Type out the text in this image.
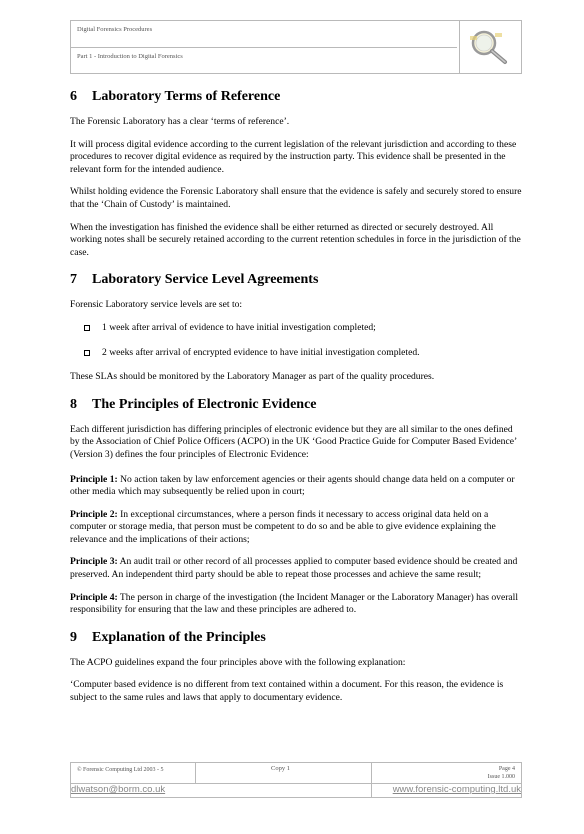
Digital Forensics Procedures
Part 1 - Introduction to Digital Forensics
6 Laboratory Terms of Reference

The Forensic Laboratory has a clear ‘terms of reference’.

It will process digital evidence according to the current legislation of the relevant jurisdiction and according to these procedures to recover digital evidence as required by the instruction party. This evidence shall be presented in the relevant form for the intended audience.

Whilst holding evidence the Forensic Laboratory shall ensure that the evidence is safely and securely stored to ensure that the ‘Chain of Custody’ is maintained.

When the investigation has finished the evidence shall be either returned as directed or securely destroyed. All working notes shall be securely retained according to the current retention schedules in force in the jurisdiction of the case.

7 Laboratory Service Level Agreements

Forensic Laboratory service levels are set to:

1 week after arrival of evidence to have initial investigation completed;
2 weeks after arrival of encrypted evidence to have initial investigation completed.

These SLAs should be monitored by the Laboratory Manager as part of the quality procedures.

8 The Principles of Electronic Evidence

Each different jurisdiction has differing principles of electronic evidence but they are all similar to the ones defined by the Association of Chief Police Officers (ACPO) in the UK ‘Good Practice Guide for Computer Based Evidence’ (Version 3) defines the four principles of Electronic Evidence:

Principle 1: No action taken by law enforcement agencies or their agents should change data held on a computer or other media which may subsequently be relied upon in court;

Principle 2: In exceptional circumstances, where a person finds it necessary to access original data held on a computer or storage media, that person must be competent to do so and be able to give evidence explaining the relevance and the implications of their actions;

Principle 3: An audit trail or other record of all processes applied to computer based evidence should be created and preserved. An independent third party should be able to repeat those processes and achieve the same result;

Principle 4: The person in charge of the investigation (the Incident Manager or the Laboratory Manager) has overall responsibility for ensuring that the law and these principles are adhered to.

9 Explanation of the Principles

The ACPO guidelines expand the four principles above with the following explanation:

‘Computer based evidence is no different from text contained within a document. For this reason, the evidence is subject to the same rules and laws that apply to documentary evidence.

© Forensic Computing Ltd 2003 - 5	Copy 1	Page 4
Issue 1.000
dlwatson@borm.co.uk	www.forensic-computing.ltd.uk
